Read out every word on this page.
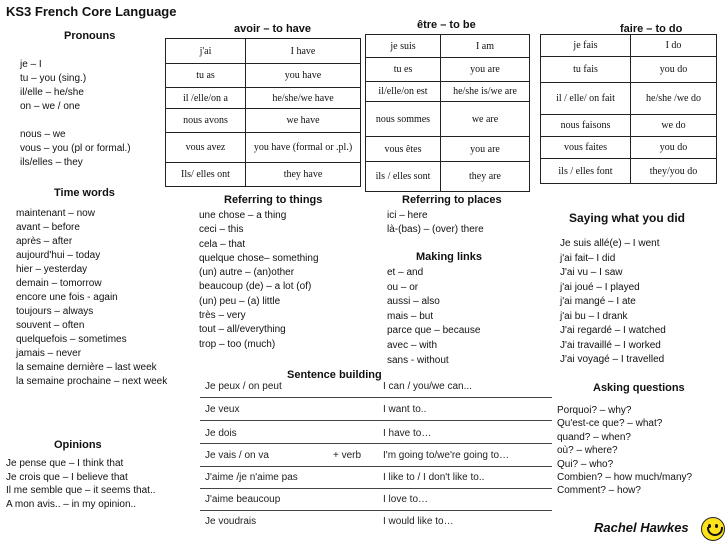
KS3 French Core Language
Pronouns
je – I
tu – you (sing.)
il/elle – he/she
on – we / one

nous – we
vous – you (pl or formal.)
ils/elles – they
avoir – to have	être – to be	faire – to do
j'ai	I have
tu as	you have
il /elle/on a	he/she/we have
nous avons	we have
vous avez	you have (formal or .pl.)
Ils/ elles ont	they have
je suis	I am
tu es	you are
il/elle/on est	he/she is/we are
nous sommes	we are
vous êtes	you are
ils / elles sont	they are
je fais	I do
tu fais	you do
il / elle/ on fait	he/she /we do
nous faisons	we do
vous faites	you do
ils / elles font	they/you do
Time words
maintenant – now
avant – before
après – after
aujourd'hui – today
hier – yesterday
demain – tomorrow
encore une fois - again
toujours – always
souvent – often
quelquefois – sometimes
jamais – never
la semaine dernière – last week
la semaine prochaine – next week
Referring to things
une chose – a thing
ceci – this
cela – that
quelque chose– something
(un) autre – (an)other
beaucoup (de) – a lot (of)
(un) peu – (a) little
très – very
tout – all/everything
trop – too (much)
Referring to places
ici – here
là-(bas) – (over) there
Making links
et – and
ou – or
aussi – also
mais – but
parce que – because
avec – with
sans - without
Saying what you did
Je suis allé(e) – I went
j'ai fait– I did
J'ai vu – I saw
j'ai joué – I played
j'ai mangé – I ate
j'ai bu – I drank
J'ai regardé – I watched
J'ai travaillé – I worked
J'ai voyagé – I travelled
Sentence building
Je peux / on peut	I can / you/we can...
Je veux	I want to..
Je dois	I have to…
Je vais / on va	+ verb I'm going to/we're going to…
J'aime /je n'aime pas	I like to / I don't like to..
J'aime beaucoup	I love to…
Je voudrais	I would like to…
Opinions
Je pense que – I think that
Je crois que – I believe that
Il me semble que – it seems that..
A mon avis.. – in my opinion..
Asking questions
Porquoi? – why?
Qu'est-ce que? – what?
quand? – when?
où? – where?
Qui? – who?
Combien? – how much/many?
Comment? – how?
Rachel Hawkes
